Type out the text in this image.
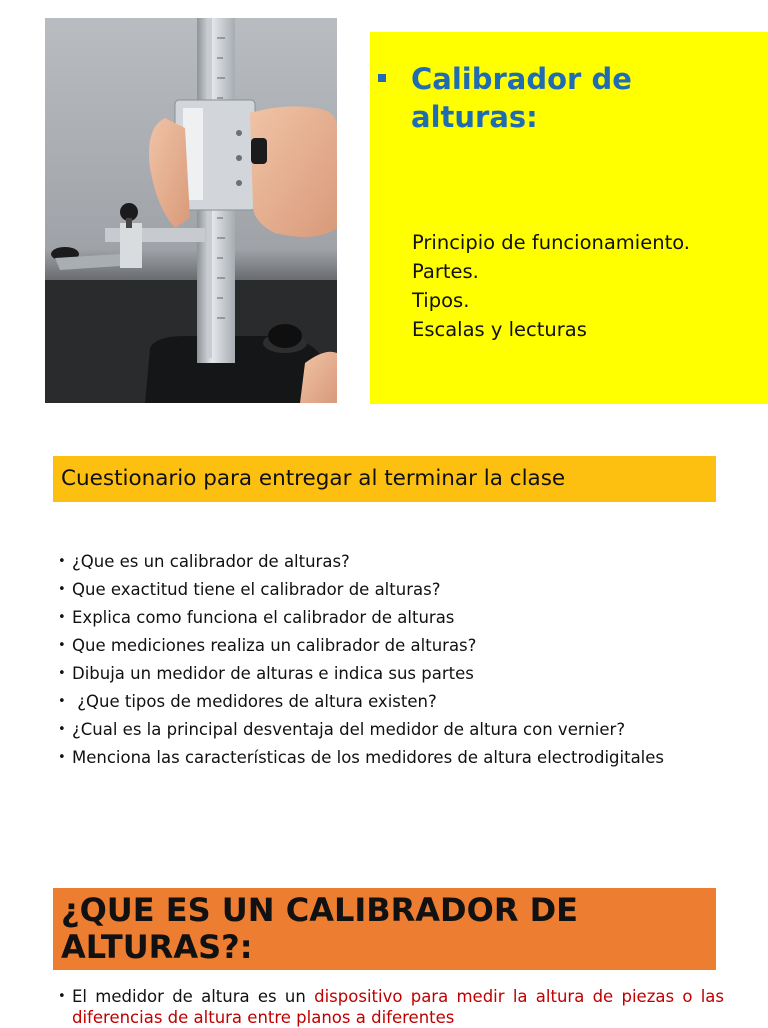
Calibrador de alturas:
Principio de funcionamiento.
Partes.
Tipos.
Escalas y lecturas
Cuestionario para entregar al terminar la clase
• ¿Que es un calibrador de alturas?
• Que exactitud tiene el calibrador de alturas?
• Explica como funciona el calibrador de alturas
• Que mediciones realiza un calibrador de alturas?
• Dibuja un medidor de alturas e indica sus partes
• ¿Que tipos de medidores de altura existen?
• ¿Cual es la principal desventaja del medidor de altura con vernier?
• Menciona las características de los medidores de altura electrodigitales
¿QUE ES UN CALIBRADOR DE ALTURAS?:
• El medidor de altura es un dispositivo para medir la altura de piezas o las diferencias de altura entre planos a diferentes
